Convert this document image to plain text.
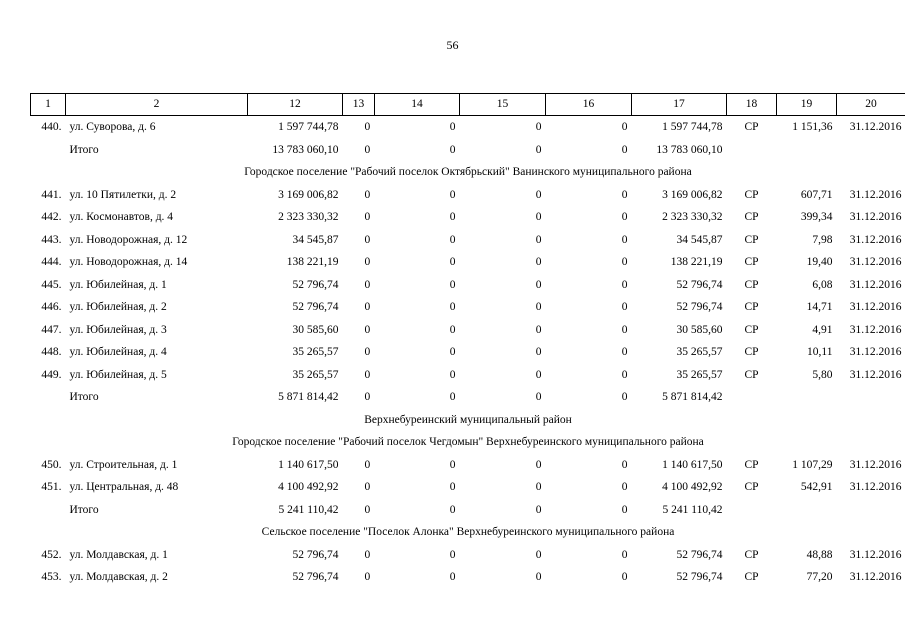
56
1	2	12	13	14	15	16	17	18	19	20
440.	ул. Суворова, д. 6	1 597 744,78	0	0	0	0	1 597 744,78	СР	1 151,36	31.12.2016
	Итого	13 783 060,10	0	0	0	0	13 783 060,10			
Городское поселение "Рабочий поселок Октябрьский" Ванинского муниципального района										
441.	ул. 10 Пятилетки, д. 2	3 169 006,82	0	0	0	0	3 169 006,82	СР	607,71	31.12.2016
442.	ул. Космонавтов, д. 4	2 323 330,32	0	0	0	0	2 323 330,32	СР	399,34	31.12.2016
443.	ул. Новодорожная, д. 12	34 545,87	0	0	0	0	34 545,87	СР	7,98	31.12.2016
444.	ул. Новодорожная, д. 14	138 221,19	0	0	0	0	138 221,19	СР	19,40	31.12.2016
445.	ул. Юбилейная, д. 1	52 796,74	0	0	0	0	52 796,74	СР	6,08	31.12.2016
446.	ул. Юбилейная, д. 2	52 796,74	0	0	0	0	52 796,74	СР	14,71	31.12.2016
447.	ул. Юбилейная, д. 3	30 585,60	0	0	0	0	30 585,60	СР	4,91	31.12.2016
448.	ул. Юбилейная, д. 4	35 265,57	0	0	0	0	35 265,57	СР	10,11	31.12.2016
449.	ул. Юбилейная, д. 5	35 265,57	0	0	0	0	35 265,57	СР	5,80	31.12.2016
	Итого	5 871 814,42	0	0	0	0	5 871 814,42			
Верхнебуреинский муниципальный район										
Городское поселение "Рабочий поселок Чегдомын" Верхнебуреинского муниципального района										
450.	ул. Строительная, д. 1	1 140 617,50	0	0	0	0	1 140 617,50	СР	1 107,29	31.12.2016
451.	ул. Центральная, д. 48	4 100 492,92	0	0	0	0	4 100 492,92	СР	542,91	31.12.2016
	Итого	5 241 110,42	0	0	0	0	5 241 110,42			
Сельское поселение "Поселок Алонка" Верхнебуреинского муниципального района										
452.	ул. Молдавская, д. 1	52 796,74	0	0	0	0	52 796,74	СР	48,88	31.12.2016
453.	ул. Молдавская, д. 2	52 796,74	0	0	0	0	52 796,74	СР	77,20	31.12.2016
